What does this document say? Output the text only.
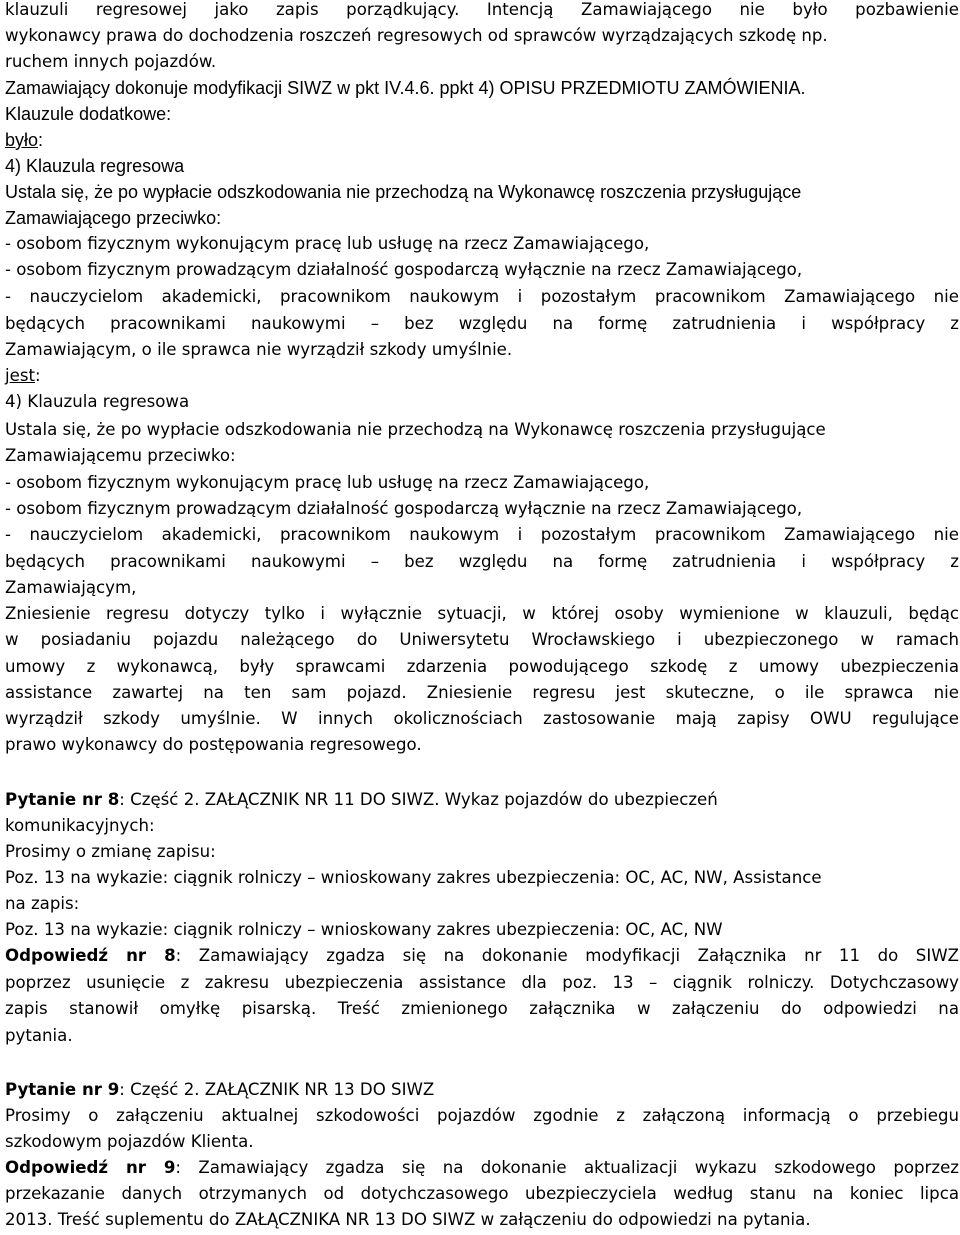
klauzuli regresowej jako zapis porządkujący. Intencją Zamawiającego nie było pozbawienie
wykonawcy prawa do dochodzenia roszczeń regresowych od sprawców wyrządzających szkodę np.
ruchem innych pojazdów.
Zamawiający dokonuje modyfikacji SIWZ w pkt IV.4.6. ppkt 4) OPISU PRZEDMIOTU ZAMÓWIENIA.
Klauzule dodatkowe:
było:
4) Klauzula regresowa
Ustala się, że po wypłacie odszkodowania nie przechodzą na Wykonawcę roszczenia przysługujące
Zamawiającego przeciwko:
- osobom fizycznym wykonującym pracę lub usługę na rzecz Zamawiającego,
- osobom fizycznym prowadzącym działalność gospodarczą wyłącznie na rzecz Zamawiającego,
- nauczycielom akademicki, pracownikom naukowym i pozostałym pracownikom Zamawiającego nie
będących pracownikami naukowymi – bez względu na formę zatrudnienia i współpracy z
Zamawiającym, o ile sprawca nie wyrządził szkody umyślnie.
jest:
4) Klauzula regresowa
Ustala się, że po wypłacie odszkodowania nie przechodzą na Wykonawcę roszczenia przysługujące
Zamawiającemu przeciwko:
- osobom fizycznym wykonującym pracę lub usługę na rzecz Zamawiającego,
- osobom fizycznym prowadzącym działalność gospodarczą wyłącznie na rzecz Zamawiającego,
- nauczycielom akademicki, pracownikom naukowym i pozostałym pracownikom Zamawiającego nie
będących pracownikami naukowymi – bez względu na formę zatrudnienia i współpracy z
Zamawiającym,
Zniesienie regresu dotyczy tylko i wyłącznie sytuacji, w której osoby wymienione w klauzuli, będąc
w posiadaniu pojazdu należącego do Uniwersytetu Wrocławskiego i ubezpieczonego w ramach
umowy z wykonawcą, były sprawcami zdarzenia powodującego szkodę z umowy ubezpieczenia
assistance zawartej na ten sam pojazd. Zniesienie regresu jest skuteczne, o ile sprawca nie
wyrządził szkody umyślnie. W innych okolicznościach zastosowanie mają zapisy OWU regulujące
prawo wykonawcy do postępowania regresowego.
Pytanie nr 8: Część 2. ZAŁĄCZNIK NR 11 DO SIWZ. Wykaz pojazdów do ubezpieczeń
komunikacyjnych:
Prosimy o zmianę zapisu:
Poz. 13 na wykazie: ciągnik rolniczy – wnioskowany zakres ubezpieczenia: OC, AC, NW, Assistance
na zapis:
Poz. 13 na wykazie: ciągnik rolniczy – wnioskowany zakres ubezpieczenia: OC, AC, NW
Odpowiedź nr 8: Zamawiający zgadza się na dokonanie modyfikacji Załącznika nr 11 do SIWZ
poprzez usunięcie z zakresu ubezpieczenia assistance dla poz. 13 – ciągnik rolniczy. Dotychczasowy
zapis stanowił omyłkę pisarską. Treść zmienionego załącznika w załączeniu do odpowiedzi na
pytania.
Pytanie nr 9: Część 2. ZAŁĄCZNIK NR 13 DO SIWZ
Prosimy o załączeniu aktualnej szkodowości pojazdów zgodnie z załączoną informacją o przebiegu
szkodowym pojazdów Klienta.
Odpowiedź nr 9: Zamawiający zgadza się na dokonanie aktualizacji wykazu szkodowego poprzez
przekazanie danych otrzymanych od dotychczasowego ubezpieczyciela według stanu na koniec lipca
2013. Treść suplementu do ZAŁĄCZNIKA NR 13 DO SIWZ w załączeniu do odpowiedzi na pytania.
